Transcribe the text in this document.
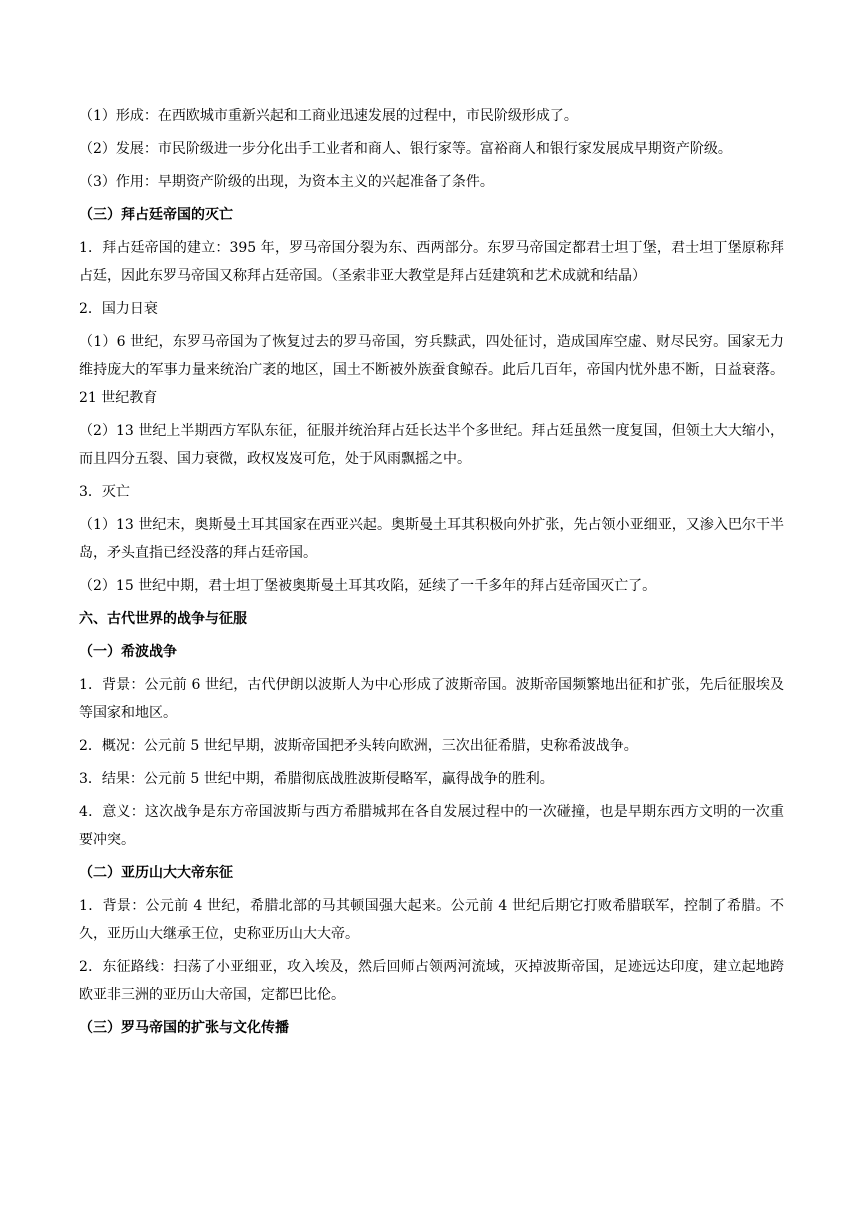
（1）形成：在西欧城市重新兴起和工商业迅速发展的过程中，市民阶级形成了。

（2）发展：市民阶级进一步分化出手工业者和商人、银行家等。富裕商人和银行家发展成早期资产阶级。

（3）作用：早期资产阶级的出现，为资本主义的兴起准备了条件。

（三）拜占廷帝国的灭亡

1．拜占廷帝国的建立：395 年，罗马帝国分裂为东、西两部分。东罗马帝国定都君士坦丁堡，君士坦丁堡原称拜占廷，因此东罗马帝国又称拜占廷帝国。（圣索非亚大教堂是拜占廷建筑和艺术成就和结晶）

2．国力日衰

（1）6 世纪，东罗马帝国为了恢复过去的罗马帝国，穷兵黩武，四处征讨，造成国库空虚、财尽民穷。国家无力维持庞大的军事力量来统治广袤的地区，国土不断被外族蚕食鲸吞。此后几百年，帝国内忧外患不断，日益衰落。21 世纪教育

（2）13 世纪上半期西方军队东征，征服并统治拜占廷长达半个多世纪。拜占廷虽然一度复国，但领土大大缩小，而且四分五裂、国力衰微，政权岌岌可危，处于风雨飘摇之中。

3．灭亡

（1）13 世纪末，奥斯曼土耳其国家在西亚兴起。奥斯曼土耳其积极向外扩张，先占领小亚细亚，又渗入巴尔干半岛，矛头直指已经没落的拜占廷帝国。

（2）15 世纪中期，君士坦丁堡被奥斯曼土耳其攻陷，延续了一千多年的拜占廷帝国灭亡了。

六、古代世界的战争与征服
（一）希波战争

1．背景：公元前 6 世纪，古代伊朗以波斯人为中心形成了波斯帝国。波斯帝国频繁地出征和扩张，先后征服埃及等国家和地区。

2．概况：公元前 5 世纪早期，波斯帝国把矛头转向欧洲，三次出征希腊，史称希波战争。

3．结果：公元前 5 世纪中期，希腊彻底战胜波斯侵略军，赢得战争的胜利。

4．意义：这次战争是东方帝国波斯与西方希腊城邦在各自发展过程中的一次碰撞，也是早期东西方文明的一次重要冲突。

（二）亚历山大大帝东征

1．背景：公元前 4 世纪，希腊北部的马其顿国强大起来。公元前 4 世纪后期它打败希腊联军，控制了希腊。不久，亚历山大继承王位，史称亚历山大大帝。

2．东征路线：扫荡了小亚细亚，攻入埃及，然后回师占领两河流域，灭掉波斯帝国，足迹远达印度，建立起地跨欧亚非三洲的亚历山大帝国，定都巴比伦。

（三）罗马帝国的扩张与文化传播
